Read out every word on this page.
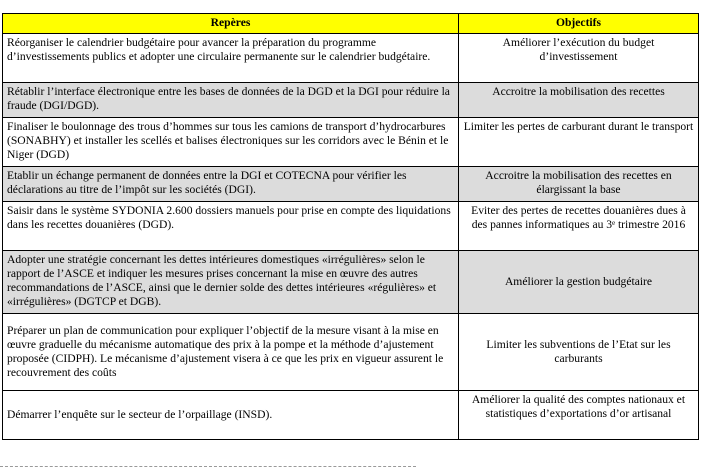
Repères	Objectifs
Réorganiser le calendrier budgétaire pour avancer la préparation du programme d’investissements publics et adopter une circulaire permanente sur le calendrier budgétaire.	Améliorer l’exécution du budget d’investissement
Rétablir l’interface électronique entre les bases de données de la DGD et la DGI pour réduire la fraude (DGI/DGD).	Accroitre la mobilisation des recettes
Finaliser le boulonnage des trous d’hommes sur tous les camions de transport d’hydrocarbures (SONABHY) et installer les scellés et balises électroniques sur les corridors avec le Bénin et le Niger (DGD)	Limiter les pertes de carburant durant le transport
Etablir un échange permanent de données entre la DGI et COTECNA pour vérifier les déclarations au titre de l’impôt sur les sociétés (DGI).	Accroitre la mobilisation des recettes en élargissant la base
Saisir dans le système SYDONIA 2.600 dossiers manuels pour prise en compte des liquidations dans les recettes douanières (DGD).	Eviter des pertes de recettes douanières dues à des pannes informatiques au 3ᵉ trimestre 2016
Adopter une stratégie concernant les dettes intérieures domestiques «irrégulières» selon le rapport de l’ASCE et indiquer les mesures prises concernant la mise en œuvre des autres recommandations de l’ASCE, ainsi que le dernier solde des dettes intérieures «régulières» et «irrégulières» (DGTCP et DGB).	Améliorer la gestion budgétaire
Préparer un plan de communication pour expliquer l’objectif de la mesure visant à la mise en œuvre graduelle du mécanisme automatique des prix à la pompe et la méthode d’ajustement proposée (CIDPH). Le mécanisme d’ajustement visera à ce que les prix en vigueur assurent le recouvrement des coûts	Limiter les subventions de l’Etat sur les carburants
Démarrer l’enquête sur le secteur de l’orpaillage (INSD).	Améliorer la qualité des comptes nationaux et statistiques d’exportations d’or artisanal
